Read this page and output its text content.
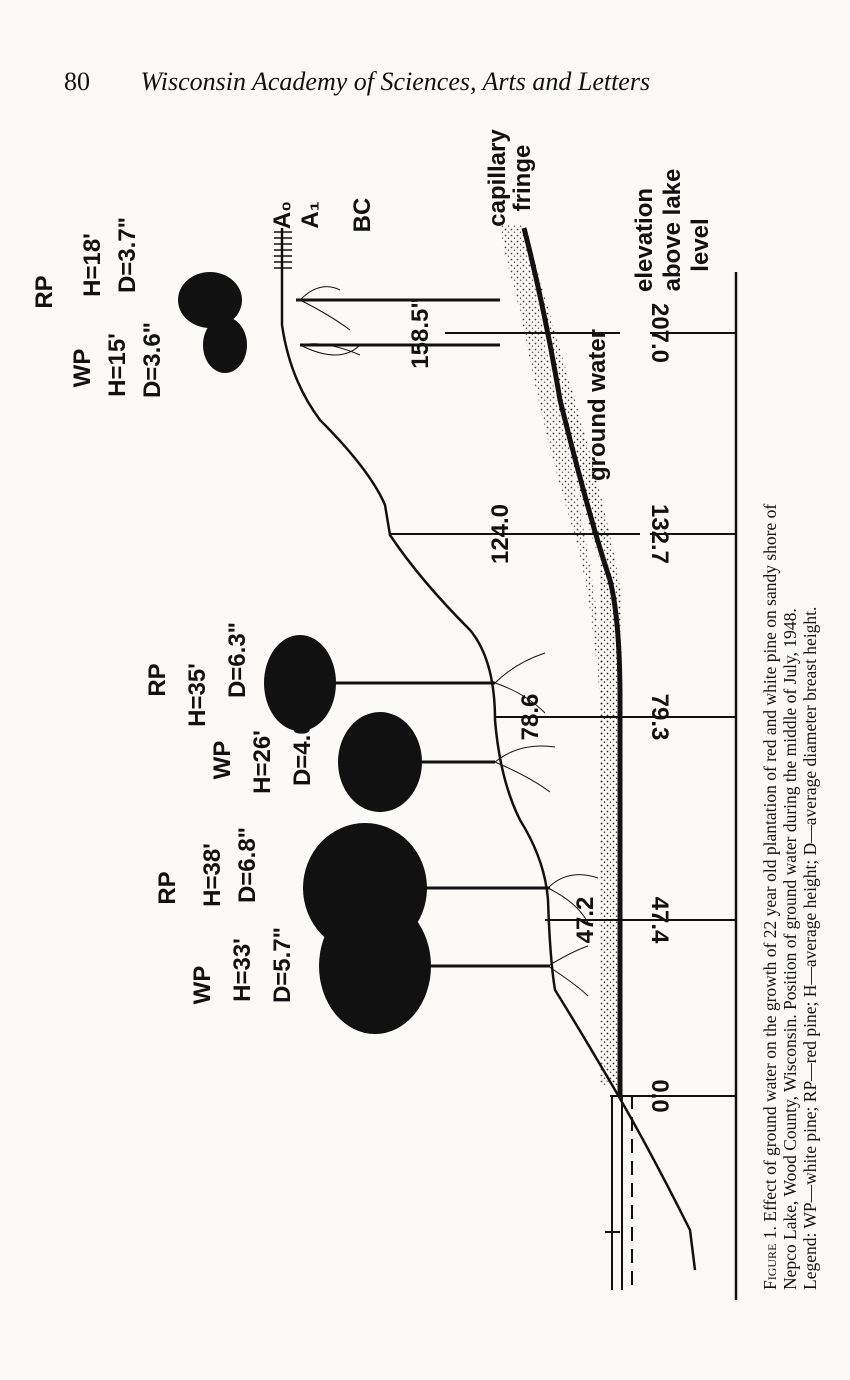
80 Wisconsin Academy of Sciences, Arts and Letters
0.0
47.4
79.3
132.7
207.0
47.2
78.6
124.0
158.5"
capillary
fringe
elevation above lake level
ground water
A₀ A₁ BC
RP H=18' D=3.7"
WP H=15' D=3.6"
RP H=35' D=6.3"
WP H=26' D=4.0"
RP H=38' D=6.8"
WP H=33' D=5.7"
Figure 1. Effect of ground water on the growth of 22 year old plantation of red and white pine on sandy shore of Nepco Lake, Wood County, Wisconsin. Position of ground water during the middle of July, 1948. Legend: WP—white pine; RP—red pine; H—average height; D—average diameter breast height.
